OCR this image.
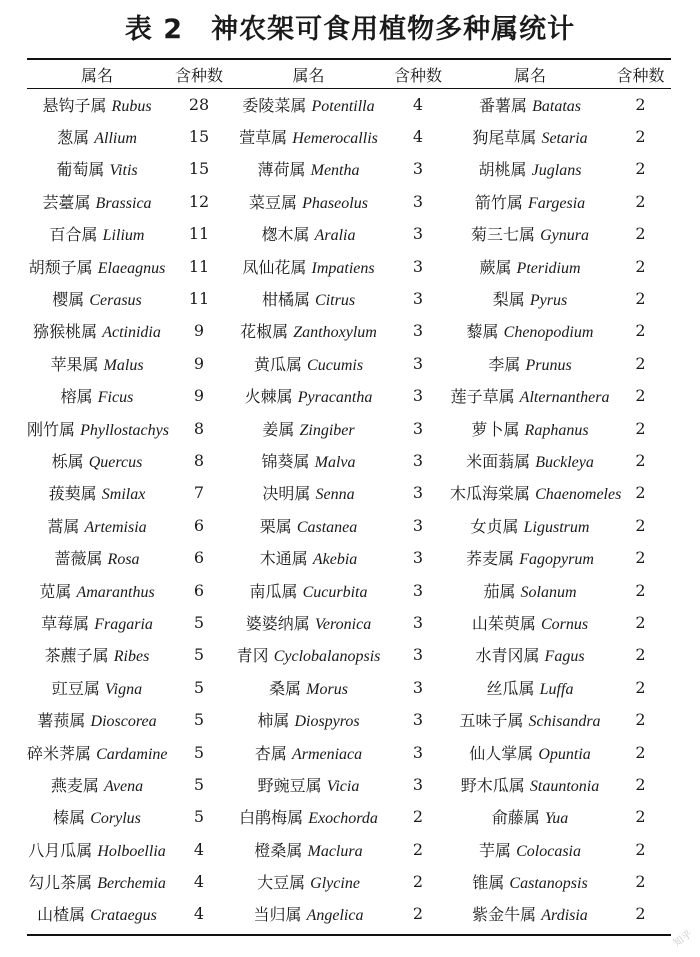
表 2　神农架可食用植物多种属统计
属名	含种数	属名	含种数	属名	含种数
悬钩子属 Rubus	28	委陵菜属 Potentilla	4	番薯属 Batatas	2
葱属 Allium	15	萱草属 Hemerocallis	4	狗尾草属 Setaria	2
葡萄属 Vitis	15	薄荷属 Mentha	3	胡桃属 Juglans	2
芸薹属 Brassica	12	菜豆属 Phaseolus	3	箭竹属 Fargesia	2
百合属 Lilium	11	楤木属 Aralia	3	菊三七属 Gynura	2
胡颓子属 Elaeagnus	11	凤仙花属 Impatiens	3	蕨属 Pteridium	2
樱属 Cerasus	11	柑橘属 Citrus	3	梨属 Pyrus	2
猕猴桃属 Actinidia	9	花椒属 Zanthoxylum	3	藜属 Chenopodium	2
苹果属 Malus	9	黄瓜属 Cucumis	3	李属 Prunus	2
榕属 Ficus	9	火棘属 Pyracantha	3	莲子草属 Alternanthera	2
刚竹属 Phyllostachys	8	姜属 Zingiber	3	萝卜属 Raphanus	2
栎属 Quercus	8	锦葵属 Malva	3	米面蓊属 Buckleya	2
菝葜属 Smilax	7	决明属 Senna	3	木瓜海棠属 Chaenomeles	2
蒿属 Artemisia	6	栗属 Castanea	3	女贞属 Ligustrum	2
蔷薇属 Rosa	6	木通属 Akebia	3	荞麦属 Fagopyrum	2
苋属 Amaranthus	6	南瓜属 Cucurbita	3	茄属 Solanum	2
草莓属 Fragaria	5	婆婆纳属 Veronica	3	山茱萸属 Cornus	2
茶藨子属 Ribes	5	青冈 Cyclobalanopsis	3	水青冈属 Fagus	2
豇豆属 Vigna	5	桑属 Morus	3	丝瓜属 Luffa	2
薯蓣属 Dioscorea	5	柿属 Diospyros	3	五味子属 Schisandra	2
碎米荠属 Cardamine	5	杏属 Armeniaca	3	仙人掌属 Opuntia	2
燕麦属 Avena	5	野豌豆属 Vicia	3	野木瓜属 Stauntonia	2
榛属 Corylus	5	白鹃梅属 Exochorda	2	俞藤属 Yua	2
八月瓜属 Holboellia	4	橙桑属 Maclura	2	芋属 Colocasia	2
勾儿茶属 Berchemia	4	大豆属 Glycine	2	锥属 Castanopsis	2
山楂属 Crataegus	4	当归属 Angelica	2	紫金牛属 Ardisia	2
知乎
